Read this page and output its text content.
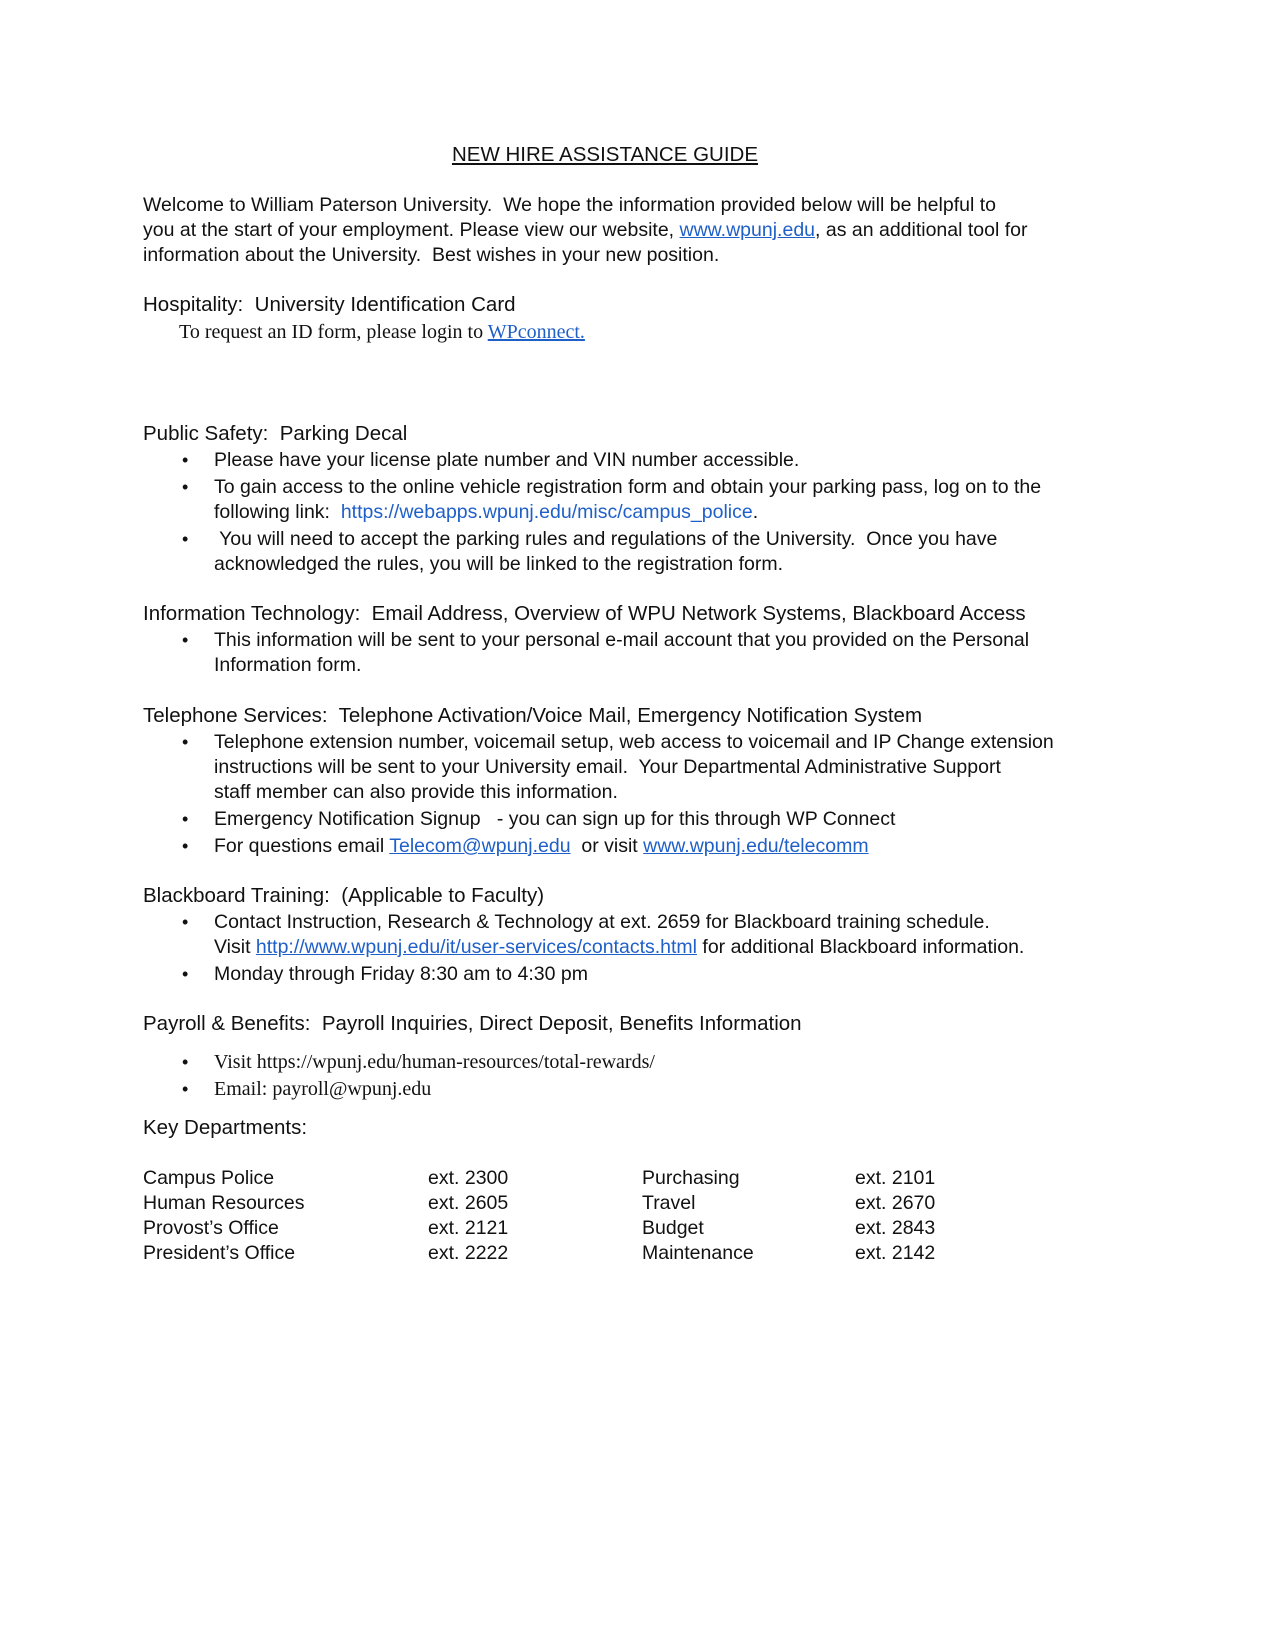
NEW HIRE ASSISTANCE GUIDE
Welcome to William Paterson University.  We hope the information provided below will be helpful to
you at the start of your employment. Please view our website, www.wpunj.edu, as an additional tool for
information about the University.  Best wishes in your new position.
Hospitality:  University Identification Card
To request an ID form, please login to WPconnect.
Public Safety:  Parking Decal
• Please have your license plate number and VIN number accessible.
• To gain access to the online vehicle registration form and obtain your parking pass, log on to the
following link:  https://webapps.wpunj.edu/misc/campus_police.
• You will need to accept the parking rules and regulations of the University.  Once you have
acknowledged the rules, you will be linked to the registration form.
Information Technology:  Email Address, Overview of WPU Network Systems, Blackboard Access
• This information will be sent to your personal e-mail account that you provided on the Personal
Information form.
Telephone Services:  Telephone Activation/Voice Mail, Emergency Notification System
• Telephone extension number, voicemail setup, web access to voicemail and IP Change extension
instructions will be sent to your University email.  Your Departmental Administrative Support
staff member can also provide this information.
• Emergency Notification Signup   - you can sign up for this through WP Connect
• For questions email Telecom@wpunj.edu  or visit www.wpunj.edu/telecomm
Blackboard Training:  (Applicable to Faculty)
• Contact Instruction, Research & Technology at ext. 2659 for Blackboard training schedule.
Visit http://www.wpunj.edu/it/user-services/contacts.html for additional Blackboard information.
• Monday through Friday 8:30 am to 4:30 pm
Payroll & Benefits:  Payroll Inquiries, Direct Deposit, Benefits Information
• Visit https://wpunj.edu/human-resources/total-rewards/
• Email: payroll@wpunj.edu
Key Departments:
Campus Police	ext. 2300	Purchasing	ext. 2101
Human Resources	ext. 2605	Travel	ext. 2670
Provost’s Office	ext. 2121	Budget	ext. 2843
President’s Office	ext. 2222	Maintenance	ext. 2142
